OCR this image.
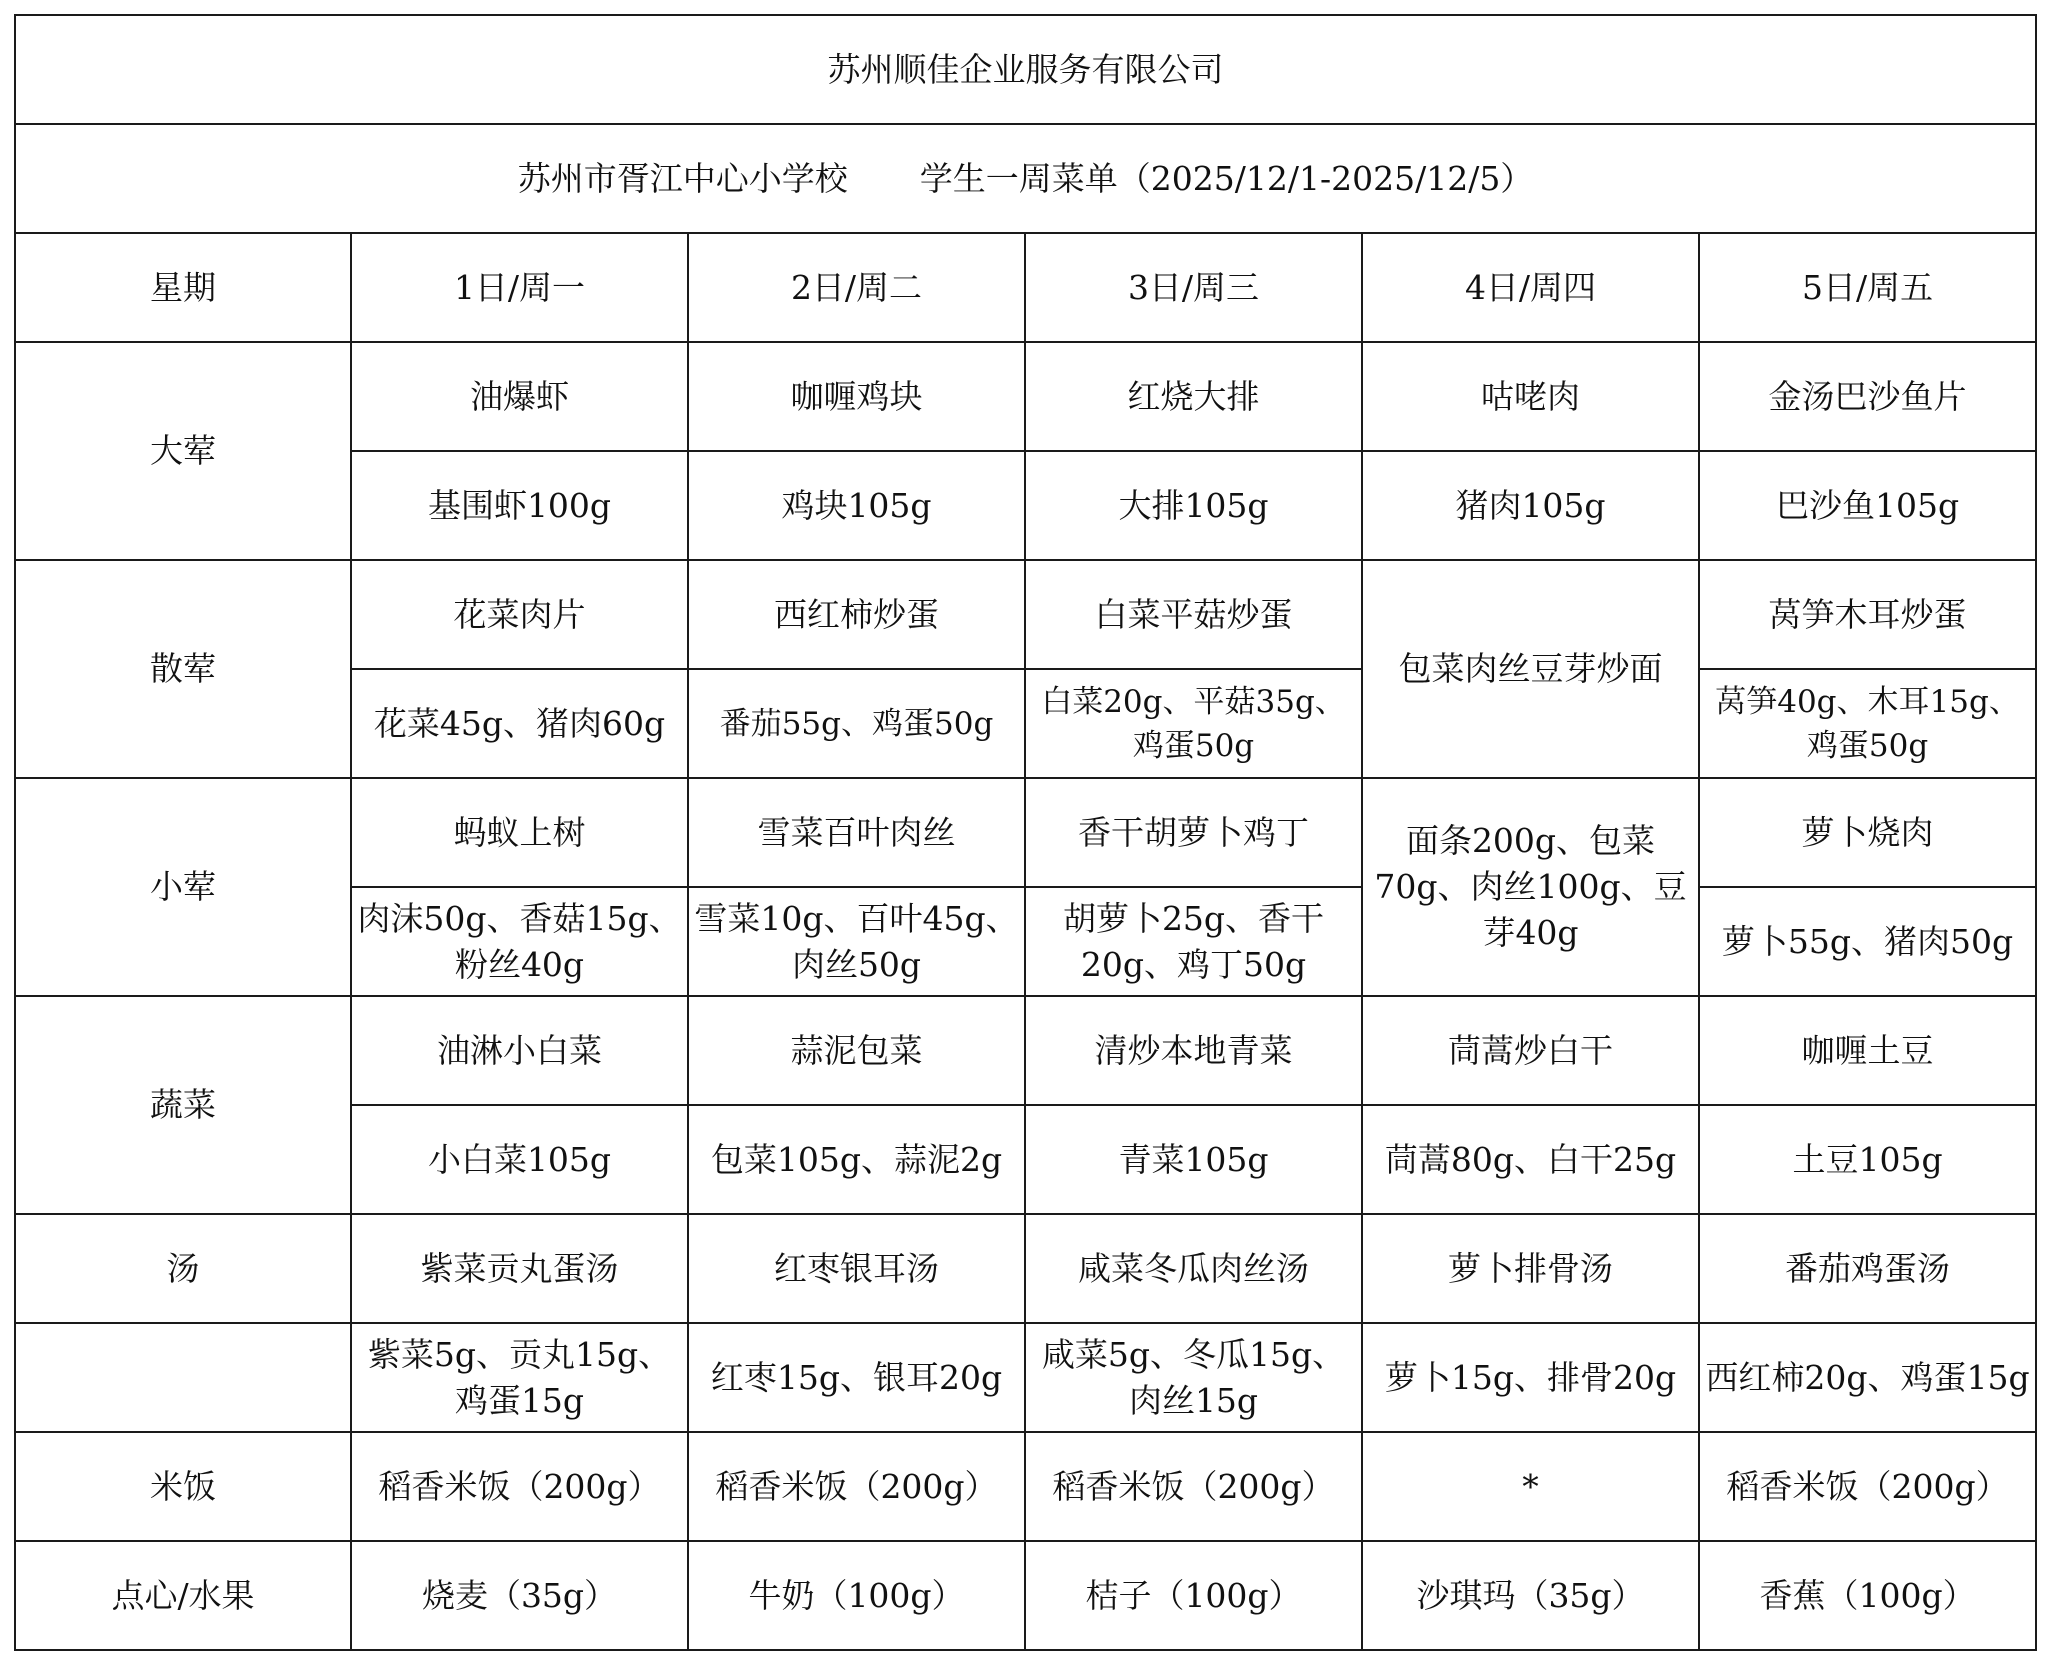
苏州顺佳企业服务有限公司					
苏州市胥江中心小学校 学生一周菜单（2025/12/1-2025/12/5）					
星期	1日/周一	2日/周二	3日/周三	4日/周四	5日/周五
大荤	油爆虾	咖喱鸡块	红烧大排	咕咾肉	金汤巴沙鱼片
	基围虾100g	鸡块105g	大排105g	猪肉105g	巴沙鱼105g
散荤	花菜肉片	西红柿炒蛋	白菜平菇炒蛋	包菜肉丝豆芽炒面	莴笋木耳炒蛋
	花菜45g、猪肉60g	番茄55g、鸡蛋50g	白菜20g、平菇35g、鸡蛋50g		莴笋40g、木耳15g、鸡蛋50g
小荤	蚂蚁上树	雪菜百叶肉丝	香干胡萝卜鸡丁	面条200g、包菜70g、肉丝100g、豆芽40g	萝卜烧肉
	肉沫50g、香菇15g、粉丝40g	雪菜10g、百叶45g、肉丝50g	胡萝卜25g、香干20g、鸡丁50g		萝卜55g、猪肉50g
蔬菜	油淋小白菜	蒜泥包菜	清炒本地青菜	茼蒿炒白干	咖喱土豆
	小白菜105g	包菜105g、蒜泥2g	青菜105g	茼蒿80g、白干25g	土豆105g
汤	紫菜贡丸蛋汤	红枣银耳汤	咸菜冬瓜肉丝汤	萝卜排骨汤	番茄鸡蛋汤
	紫菜5g、贡丸15g、鸡蛋15g	红枣15g、银耳20g	咸菜5g、冬瓜15g、肉丝15g	萝卜15g、排骨20g	西红柿20g、鸡蛋15g
米饭	稻香米饭（200g）	稻香米饭（200g）	稻香米饭（200g）	*	稻香米饭（200g）
点心/水果	烧麦（35g）	牛奶（100g）	桔子（100g）	沙琪玛（35g）	香蕉（100g）
